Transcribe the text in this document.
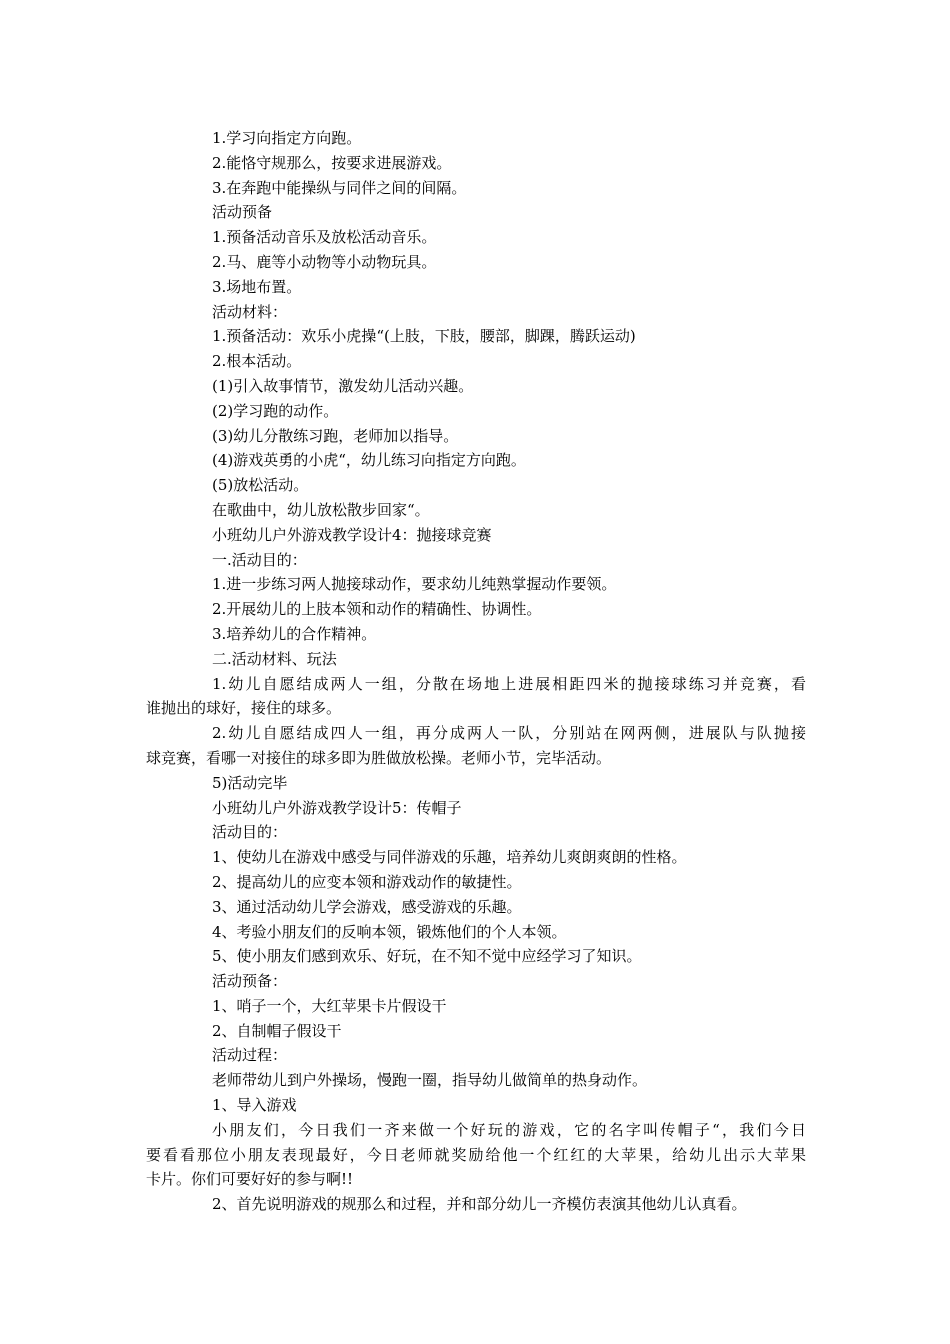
1.学习向指定方向跑。
2.能恪守规那么，按要求进展游戏。
3.在奔跑中能操纵与同伴之间的间隔。
活动预备
1.预备活动音乐及放松活动音乐。
2.马、鹿等小动物等小动物玩具。
3.场地布置。
活动材料：
1.预备活动：欢乐小虎操“(上肢，下肢，腰部，脚踝，腾跃运动)
2.根本活动。
(1)引入故事情节，激发幼儿活动兴趣。
(2)学习跑的动作。
(3)幼儿分散练习跑，老师加以指导。
(4)游戏英勇的小虎“，幼儿练习向指定方向跑。
(5)放松活动。
在歌曲中，幼儿放松散步回家“。
小班幼儿户外游戏教学设计4：抛接球竞赛
一.活动目的：
1.进一步练习两人抛接球动作，要求幼儿纯熟掌握动作要领。
2.开展幼儿的上肢本领和动作的精确性、协调性。
3.培养幼儿的合作精神。
二.活动材料、玩法
1.幼儿自愿结成两人一组，分散在场地上进展相距四米的抛接球练习并竞赛，看
谁抛出的球好，接住的球多。
2.幼儿自愿结成四人一组，再分成两人一队，分别站在网两侧，进展队与队抛接
球竞赛，看哪一对接住的球多即为胜做放松操。老师小节，完毕活动。
5)活动完毕
小班幼儿户外游戏教学设计5：传帽子
活动目的：
1、使幼儿在游戏中感受与同伴游戏的乐趣，培养幼儿爽朗爽朗的性格。
2、提高幼儿的应变本领和游戏动作的敏捷性。
3、通过活动幼儿学会游戏，感受游戏的乐趣。
4、考验小朋友们的反响本领，锻炼他们的个人本领。
5、使小朋友们感到欢乐、好玩，在不知不觉中应经学习了知识。
活动预备：
1、哨子一个，大红苹果卡片假设干
2、自制帽子假设干
活动过程：
老师带幼儿到户外操场，慢跑一圈，指导幼儿做简单的热身动作。
1、导入游戏
小朋友们，今日我们一齐来做一个好玩的游戏，它的名字叫传帽子“，我们今日
要看看那位小朋友表现最好，今日老师就奖励给他一个红红的大苹果，给幼儿出示大苹果
卡片。你们可要好好的参与啊!!
2、首先说明游戏的规那么和过程，并和部分幼儿一齐模仿表演其他幼儿认真看。
